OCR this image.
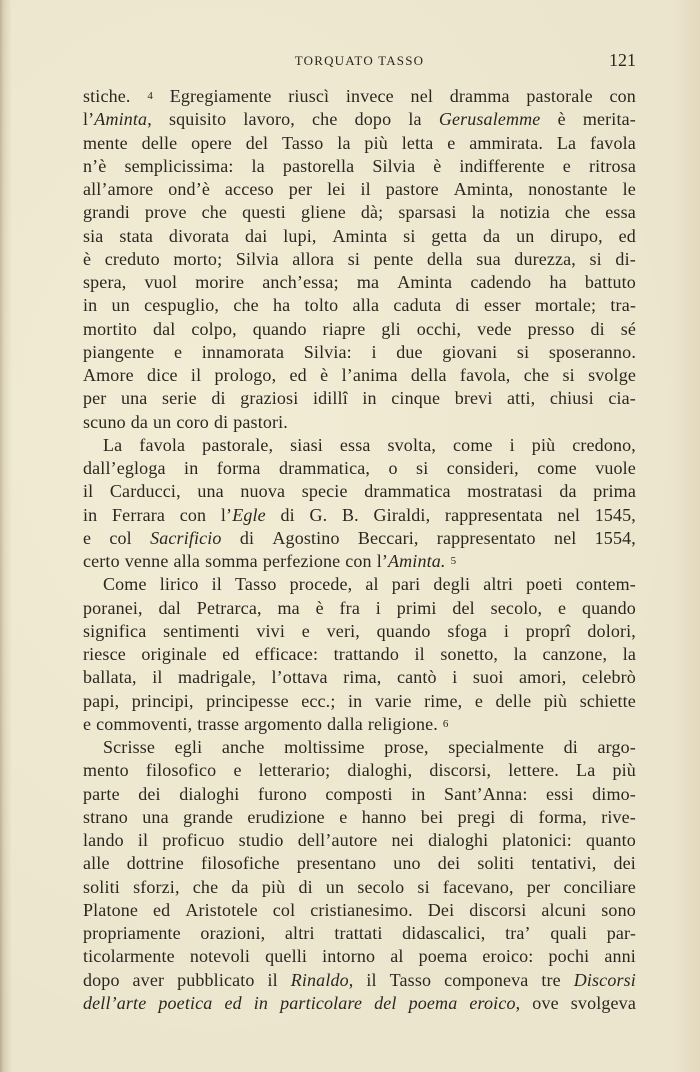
TORQUATO TASSO	121
stiche. $^4$ Egregiamente riuscì invece nel dramma pastorale con
l’Aminta, squisito lavoro, che dopo la Gerusalemme è merita-
mente delle opere del Tasso la più letta e ammirata. La favola
n’è semplicissima: la pastorella Silvia è indifferente e ritrosa
all’amore ond’è acceso per lei il pastore Aminta, nonostante le
grandi prove che questi gliene dà; sparsasi la notizia che essa
sia stata divorata dai lupi, Aminta si getta da un dirupo, ed
è creduto morto; Silvia allora si pente della sua durezza, si di-
spera, vuol morire anch’essa; ma Aminta cadendo ha battuto
in un cespuglio, che ha tolto alla caduta di esser mortale; tra-
mortito dal colpo, quando riapre gli occhi, vede presso di sé
piangente e innamorata Silvia: i due giovani si sposeranno.
Amore dice il prologo, ed è l’anima della favola, che si svolge
per una serie di graziosi idillî in cinque brevi atti, chiusi cia-
scuno da un coro di pastori.
La favola pastorale, siasi essa svolta, come i più credono,
dall’egloga in forma drammatica, o si consideri, come vuole
il Carducci, una nuova specie drammatica mostratasi da prima
in Ferrara con l’Egle di G. B. Giraldi, rappresentata nel 1545,
e col Sacrificio di Agostino Beccari, rappresentato nel 1554,
certo venne alla somma perfezione con l’Aminta. $^5$
Come lirico il Tasso procede, al pari degli altri poeti contem-
poranei, dal Petrarca, ma è fra i primi del secolo, e quando
significa sentimenti vivi e veri, quando sfoga i proprî dolori,
riesce originale ed efficace: trattando il sonetto, la canzone, la
ballata, il madrigale, l’ottava rima, cantò i suoi amori, celebrò
papi, principi, principesse ecc.; in varie rime, e delle più schiette
e commoventi, trasse argomento dalla religione. $^6$
Scrisse egli anche moltissime prose, specialmente di argo-
mento filosofico e letterario; dialoghi, discorsi, lettere. La più
parte dei dialoghi furono composti in Sant’Anna: essi dimo-
strano una grande erudizione e hanno bei pregi di forma, rive-
lando il proficuo studio dell’autore nei dialoghi platonici: quanto
alle dottrine filosofiche presentano uno dei soliti tentativi, dei
soliti sforzi, che da più di un secolo si facevano, per conciliare
Platone ed Aristotele col cristianesimo. Dei discorsi alcuni sono
propriamente orazioni, altri trattati didascalici, tra’ quali par-
ticolarmente notevoli quelli intorno al poema eroico: pochi anni
dopo aver pubblicato il Rinaldo, il Tasso componeva tre Discorsi
dell’arte poetica ed in particolare del poema eroico, ove svolgeva
